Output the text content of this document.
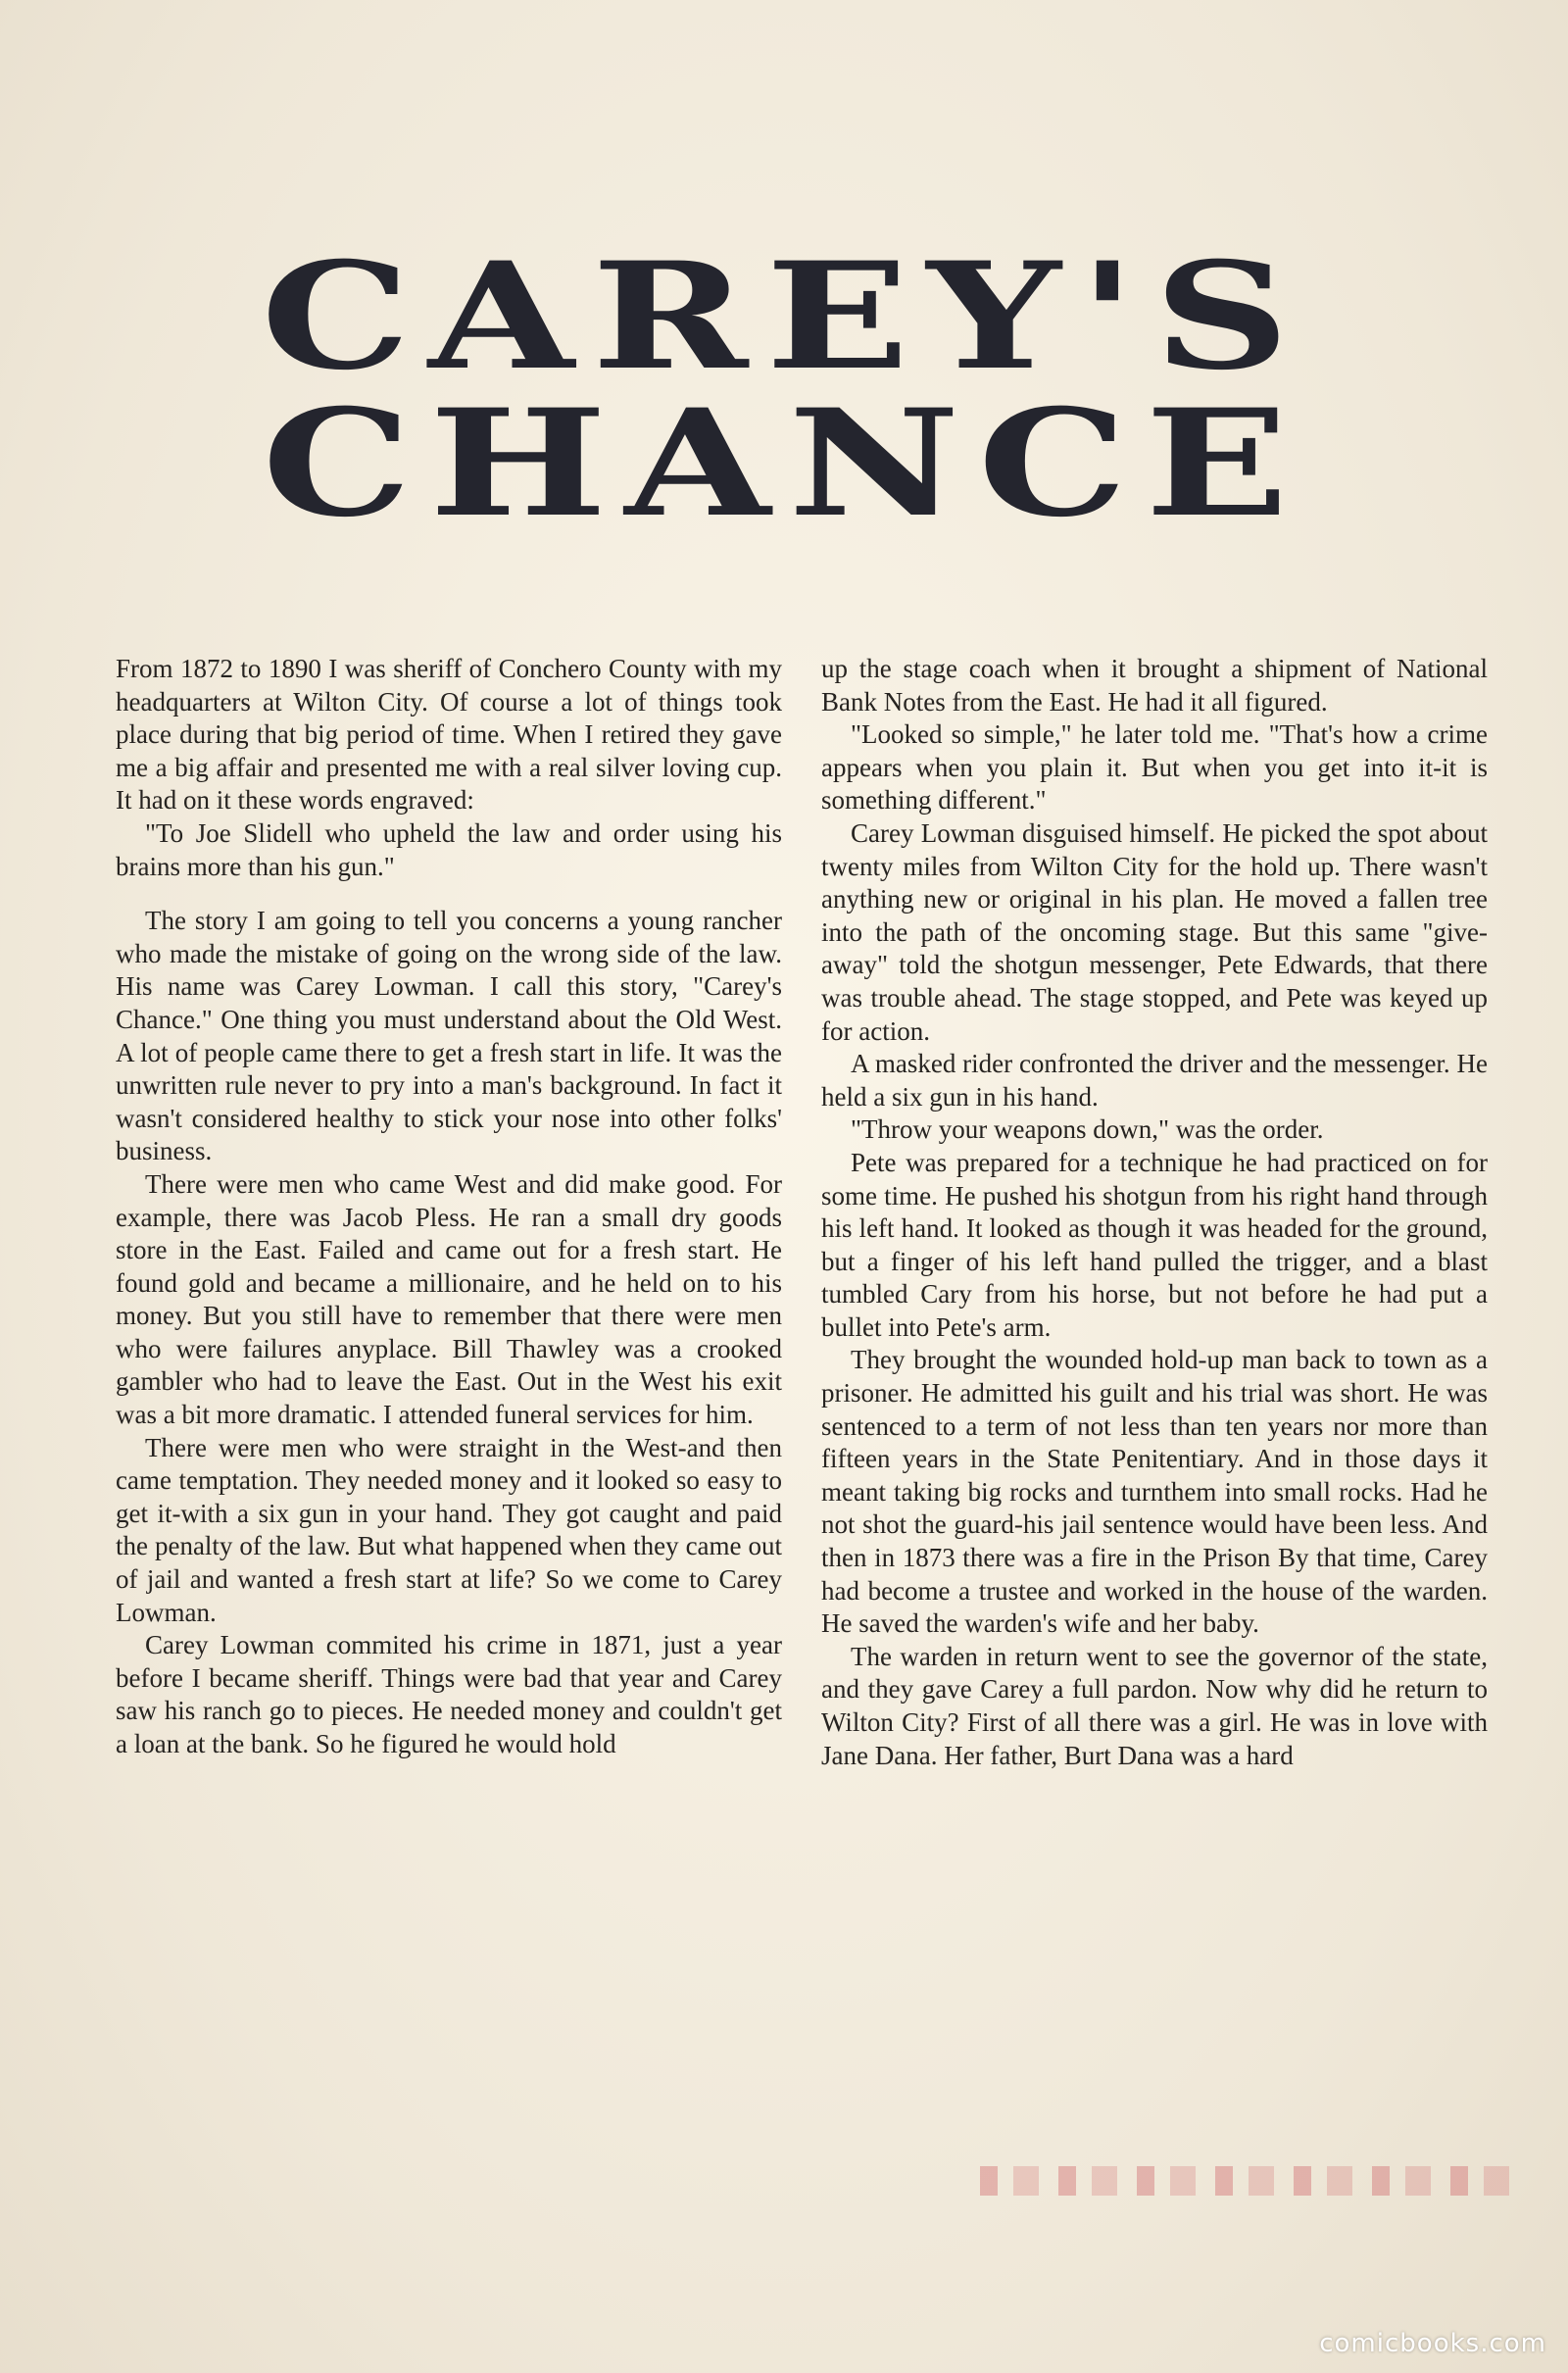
CAREY'S
CHANCE

From 1872 to 1890 I was sheriff of Conchero County with my headquarters at Wilton City. Of course a lot of things took place during that big period of time. When I retired they gave me a big affair and presented me with a real silver loving cup. It had on it these words engraved:

"To Joe Slidell who upheld the law and order using his brains more than his gun."

The story I am going to tell you concerns a young rancher who made the mistake of going on the wrong side of the law. His name was Carey Lowman. I call this story, "Carey's Chance." One thing you must understand about the Old West. A lot of people came there to get a fresh start in life. It was the unwritten rule never to pry into a man's background. In fact it wasn't considered healthy to stick your nose into other folks' business.

There were men who came West and did make good. For example, there was Jacob Pless. He ran a small dry goods store in the East. Failed and came out for a fresh start. He found gold and became a millionaire, and he held on to his money. But you still have to remember that there were men who were failures anyplace. Bill Thawley was a crooked gambler who had to leave the East. Out in the West his exit was a bit more dramatic. I attended funeral services for him.

There were men who were straight in the West-and then came temptation. They needed money and it looked so easy to get it-with a six gun in your hand. They got caught and paid the penalty of the law. But what happened when they came out of jail and wanted a fresh start at life? So we come to Carey Lowman.

Carey Lowman commited his crime in 1871, just a year before I became sheriff. Things were bad that year and Carey saw his ranch go to pieces. He needed money and couldn't get a loan at the bank. So he figured he would hold

up the stage coach when it brought a shipment of National Bank Notes from the East. He had it all figured.

"Looked so simple," he later told me. "That's how a crime appears when you plain it. But when you get into it-it is something different."

Carey Lowman disguised himself. He picked the spot about twenty miles from Wilton City for the hold up. There wasn't anything new or original in his plan. He moved a fallen tree into the path of the oncoming stage. But this same "give-away" told the shotgun messenger, Pete Edwards, that there was trouble ahead. The stage stopped, and Pete was keyed up for action.

A masked rider confronted the driver and the messenger. He held a six gun in his hand.

"Throw your weapons down," was the order.

Pete was prepared for a technique he had practiced on for some time. He pushed his shotgun from his right hand through his left hand. It looked as though it was headed for the ground, but a finger of his left hand pulled the trigger, and a blast tumbled Cary from his horse, but not before he had put a bullet into Pete's arm.

They brought the wounded hold-up man back to town as a prisoner. He admitted his guilt and his trial was short. He was sentenced to a term of not less than ten years nor more than fifteen years in the State Penitentiary. And in those days it meant taking big rocks and turnthem into small rocks. Had he not shot the guard-his jail sentence would have been less. And then in 1873 there was a fire in the Prison By that time, Carey had become a trustee and worked in the house of the warden. He saved the warden's wife and her baby.

The warden in return went to see the governor of the state, and they gave Carey a full pardon. Now why did he return to Wilton City? First of all there was a girl. He was in love with Jane Dana. Her father, Burt Dana was a hard

comicbooks.com
